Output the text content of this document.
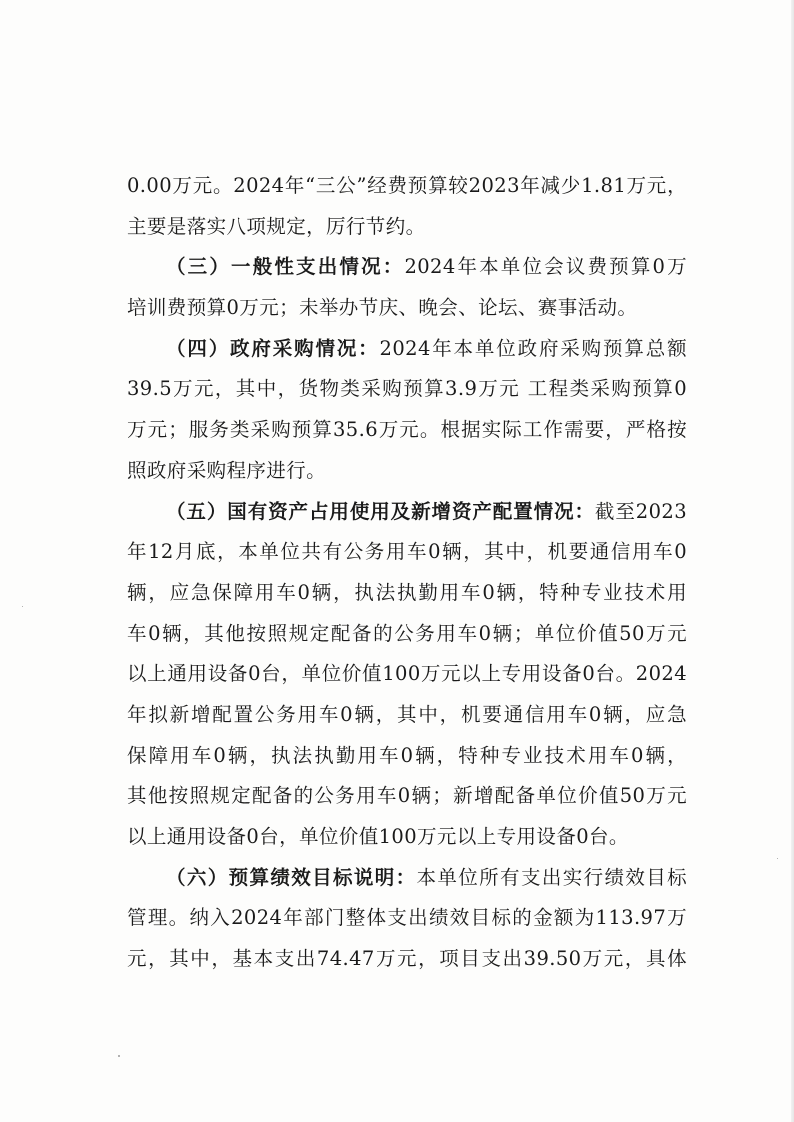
0.00万元。2024年“三公”经费预算较2023年减少1.81万元，
主要是落实八项规定，厉行节约。
（三）一般性支出情况：2024年本单位会议费预算0万
培训费预算0万元；未举办节庆、晚会、论坛、赛事活动。
（四）政府采购情况：2024年本单位政府采购预算总额
39.5万元，其中，货物类采购预算3.9万元 工程类采购预算0
万元；服务类采购预算35.6万元。根据实际工作需要，严格按
照政府采购程序进行。
（五）国有资产占用使用及新增资产配置情况：截至2023
年12月底，本单位共有公务用车0辆，其中，机要通信用车0
辆，应急保障用车0辆，执法执勤用车0辆，特种专业技术用
车0辆，其他按照规定配备的公务用车0辆；单位价值50万元
以上通用设备0台，单位价值100万元以上专用设备0台。2024
年拟新增配置公务用车0辆，其中，机要通信用车0辆，应急
保障用车0辆，执法执勤用车0辆，特种专业技术用车0辆，
其他按照规定配备的公务用车0辆；新增配备单位价值50万元
以上通用设备0台，单位价值100万元以上专用设备0台。
（六）预算绩效目标说明：本单位所有支出实行绩效目标
管理。纳入2024年部门整体支出绩效目标的金额为113.97万
元，其中，基本支出74.47万元，项目支出39.50万元，具体
